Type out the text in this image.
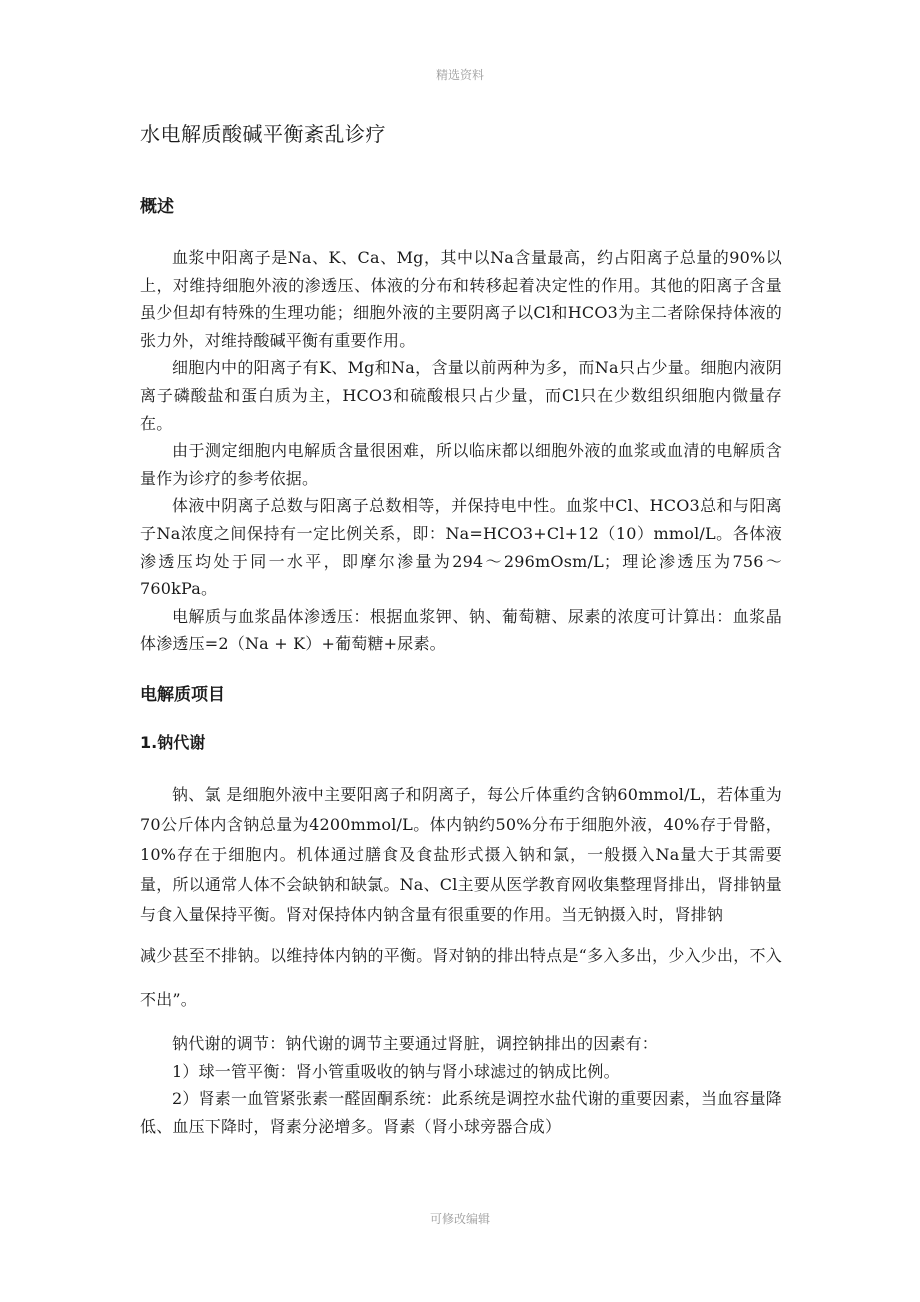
精选资料
水电解质酸碱平衡紊乱诊疗
概述

血浆中阳离子是Na、K、Ca、Mg，其中以Na含量最高，约占阳离子总量的90%以上，对维持细胞外液的渗透压、体液的分布和转移起着决定性的作用。其他的阳离子含量虽少但却有特殊的生理功能；细胞外液的主要阴离子以Cl和HCO3为主二者除保持体液的张力外，对维持酸碱平衡有重要作用。

细胞内中的阳离子有K、Mg和Na，含量以前两种为多，而Na只占少量。细胞内液阴离子磷酸盐和蛋白质为主，HCO3和硫酸根只占少量，而Cl只在少数组织细胞内微量存在。

由于测定细胞内电解质含量很困难，所以临床都以细胞外液的血浆或血清的电解质含量作为诊疗的参考依据。

体液中阴离子总数与阳离子总数相等，并保持电中性。血浆中Cl、HCO3总和与阳离子Na浓度之间保持有一定比例关系，即：Na=HCO3+Cl+12（10）mmol/L。各体液渗透压均处于同一水平，即摩尔渗量为294～296mOsm/L；理论渗透压为756～760kPa。

电解质与血浆晶体渗透压：根据血浆钾、钠、葡萄糖、尿素的浓度可计算出：血浆晶体渗透压=2（Na + K）+葡萄糖+尿素。

电解质项目
1.钠代谢

钠、氯 是细胞外液中主要阳离子和阴离子，每公斤体重约含钠60mmol/L，若体重为70公斤体内含钠总量为4200mmol/L。体内钠约50%分布于细胞外液，40%存于骨骼，10%存在于细胞内。机体通过膳食及食盐形式摄入钠和氯，一般摄入Na量大于其需要量，所以通常人体不会缺钠和缺氯。Na、Cl主要从医学教育网收集整理肾排出，肾排钠量与食入量保持平衡。肾对保持体内钠含量有很重要的作用。当无钠摄入时，肾排钠

减少甚至不排钠。以维持体内钠的平衡。肾对钠的排出特点是“多入多出，少入少出，不入不出”。

钠代谢的调节：钠代谢的调节主要通过肾脏，调控钠排出的因素有：

1）球一管平衡：肾小管重吸收的钠与肾小球滤过的钠成比例。

2）肾素一血管紧张素一醛固酮系统：此系统是调控水盐代谢的重要因素，当血容量降低、血压下降时，肾素分泌增多。肾素（肾小球旁器合成）

可修改编辑
